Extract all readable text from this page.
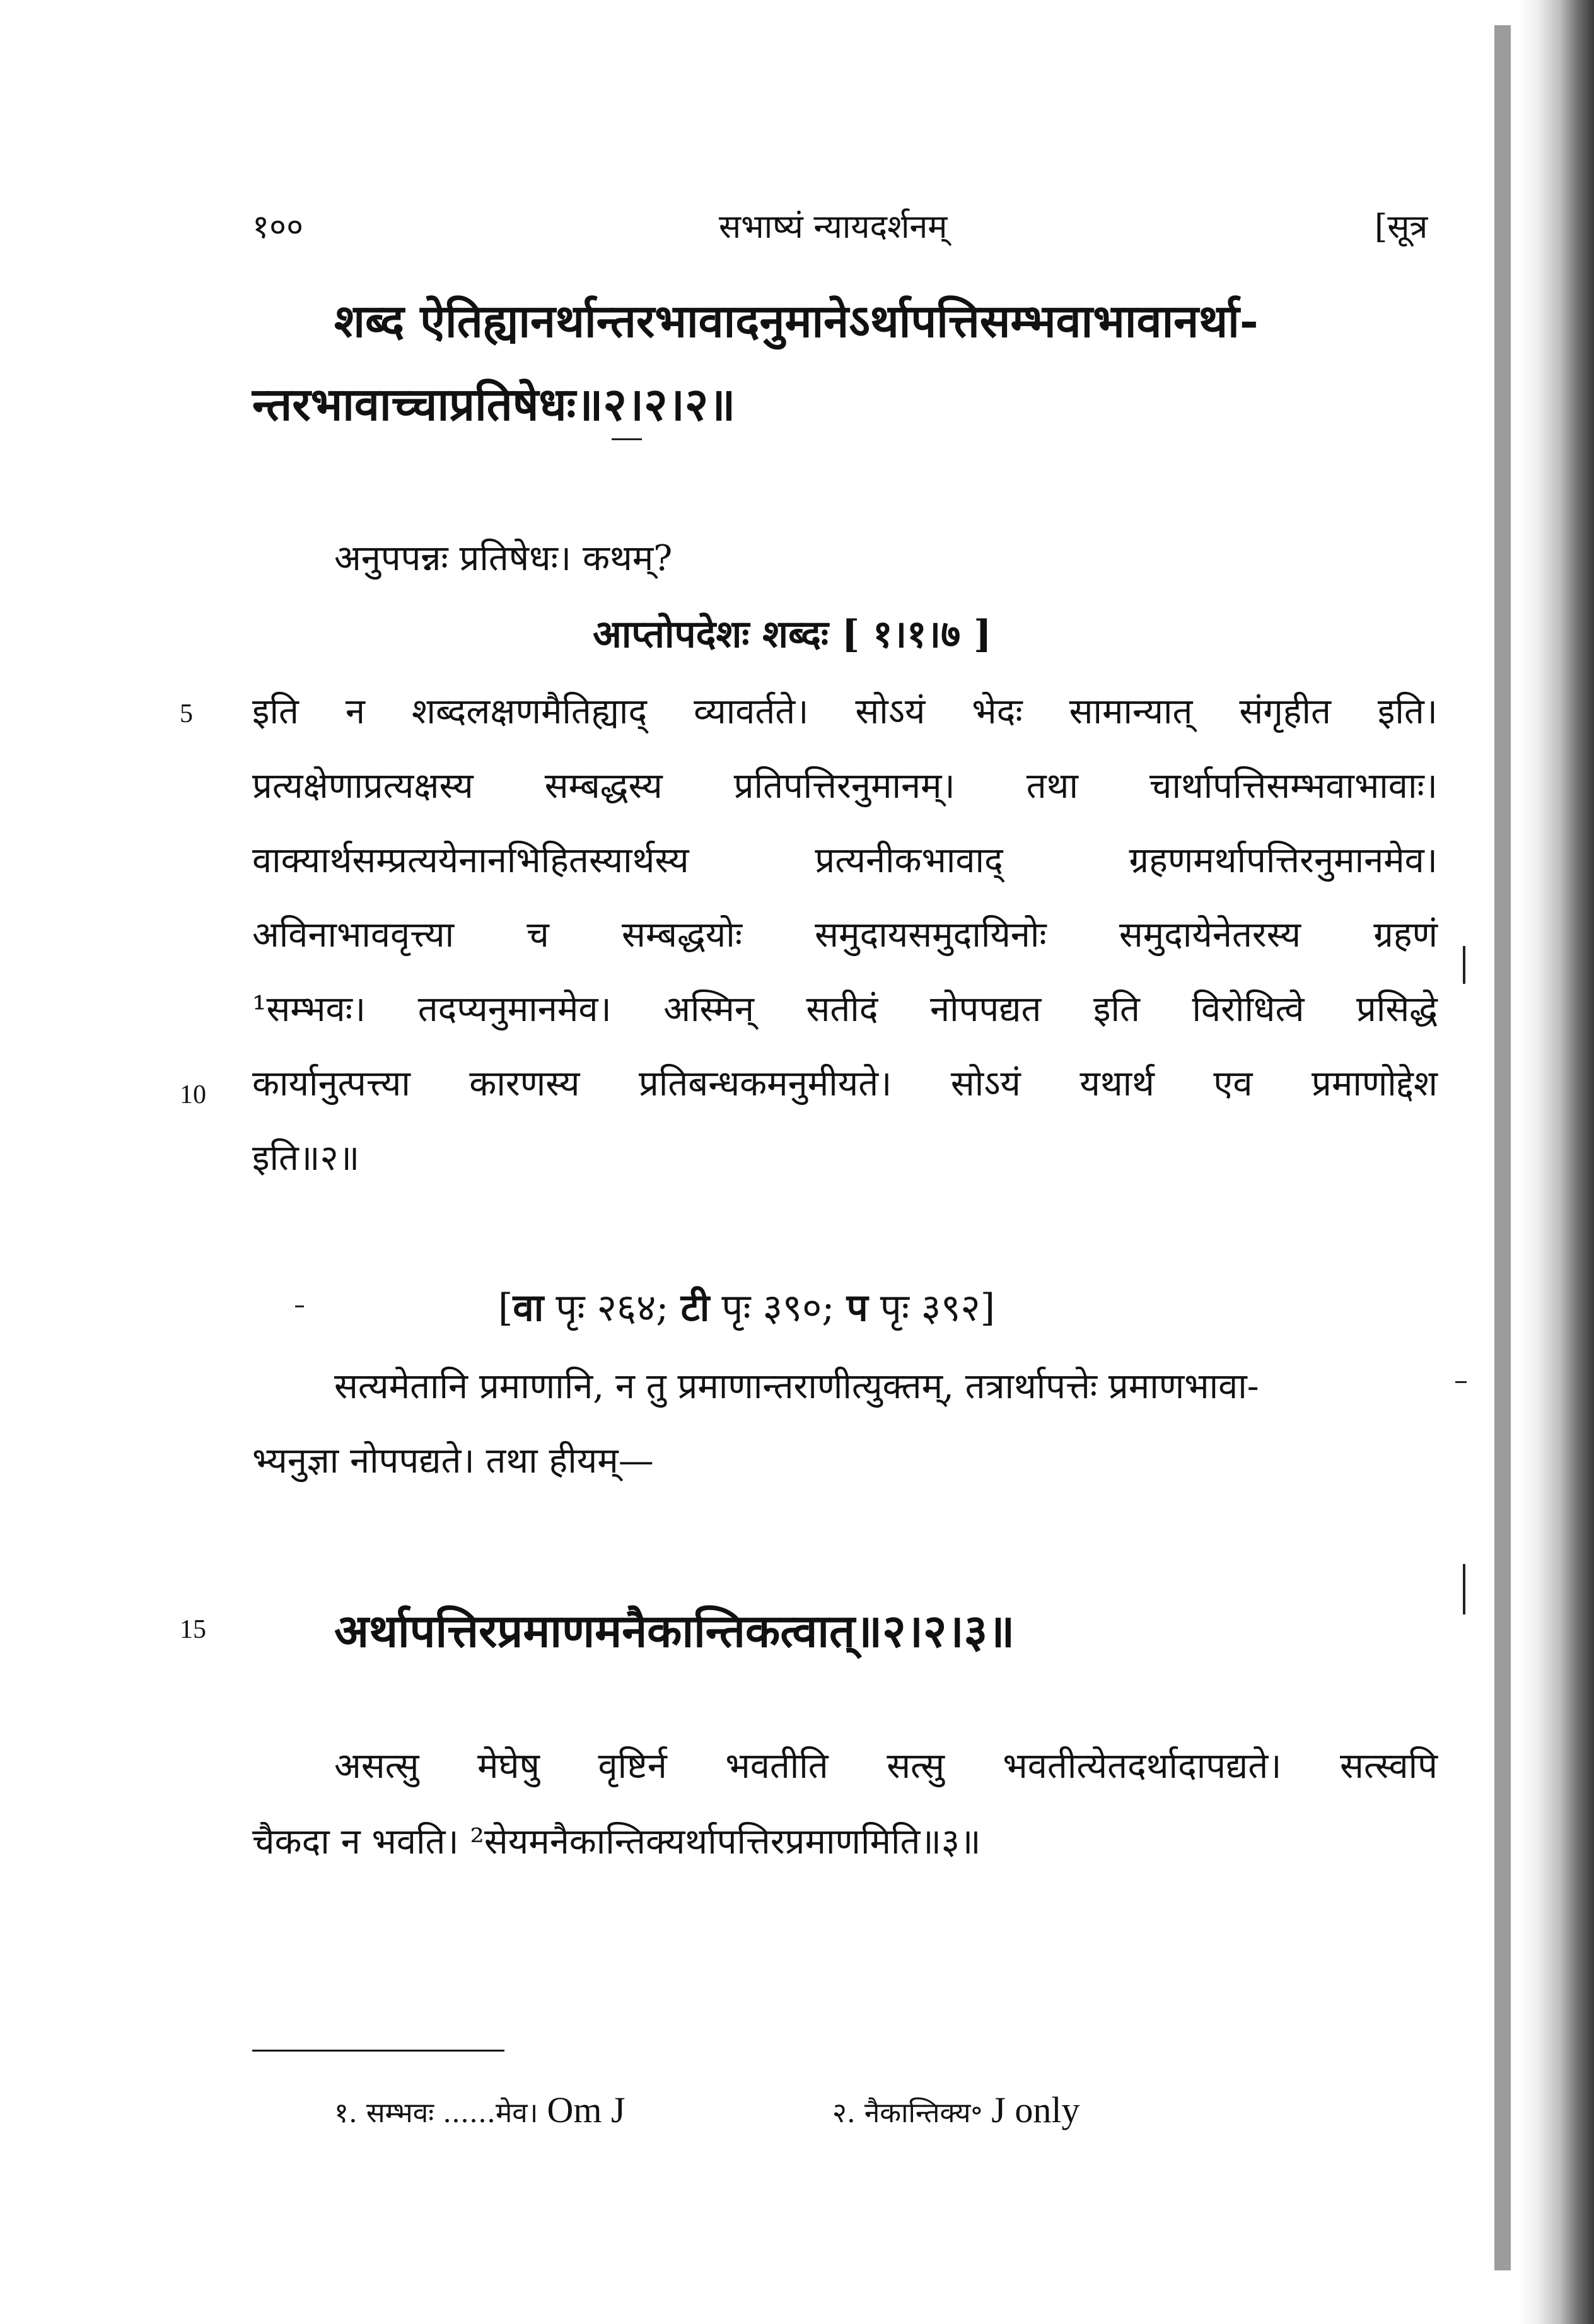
१००	सभाष्यं न्यायदर्शनम्	[सूत्र
शब्द ऐतिह्यानर्थान्तरभावादनुमानेऽर्थापत्तिसम्भवाभावानर्था-
न्तरभावाच्चाप्रतिषेधः॥२।२।२॥
अनुपपन्नः प्रतिषेधः। कथम्?
आप्तोपदेशः शब्दः [ १।१।७ ]
इति न शब्दलक्षणमैतिह्याद् व्यावर्तते। सोऽयं भेदः सामान्यात् संगृहीत इति।
प्रत्यक्षेणाप्रत्यक्षस्य सम्बद्धस्य प्रतिपत्तिरनुमानम्। तथा चार्थापत्तिसम्भवाभावाः।
वाक्यार्थसम्प्रत्ययेनानभिहितस्यार्थस्य प्रत्यनीकभावाद् ग्रहणमर्थापत्तिरनुमानमेव।
अविनाभाववृत्त्या च सम्बद्धयोः समुदायसमुदायिनोः समुदायेनेतरस्य ग्रहणं
¹सम्भवः। तदप्यनुमानमेव। अस्मिन् सतीदं नोपपद्यत इति विरोधित्वे प्रसिद्धे
कार्यानुत्पत्त्या कारणस्य प्रतिबन्धकमनुमीयते। सोऽयं यथार्थ एव प्रमाणोद्देश
इति॥२॥
5
10
15
[वा पृः २६४; टी पृः ३९०; प पृः ३९२]
सत्यमेतानि प्रमाणानि, न तु प्रमाणान्तराणीत्युक्तम्, तत्रार्थापत्तेः प्रमाणभावा-
भ्यनुज्ञा नोपपद्यते। तथा हीयम्—
अर्थापत्तिरप्रमाणमनैकान्तिकत्वात्॥२।२।३॥
असत्सु मेघेषु वृष्टिर्न भवतीति सत्सु भवतीत्येतदर्थादापद्यते। सत्स्वपि
चैकदा न भवति। ²सेयमनैकान्तिक्यर्थापत्तिरप्रमाणमिति॥३॥
१. सम्भवः ......मेव। Om J	२. नैकान्तिक्य॰ J only
